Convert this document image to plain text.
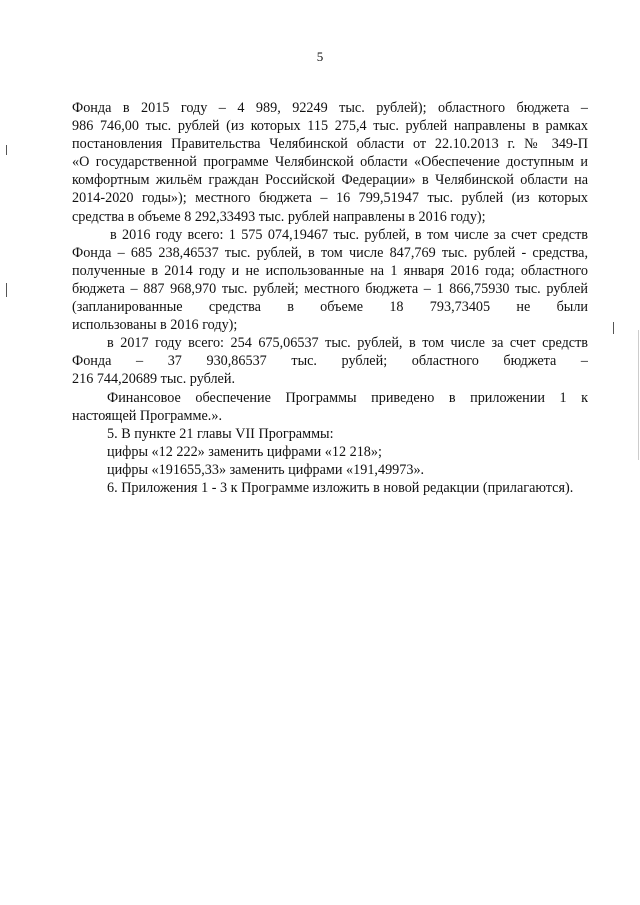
5
Фонда в 2015 году – 4 989, 92249 тыс. рублей); областного бюджета –
986 746,00 тыс. рублей (из которых 115 275,4 тыс. рублей направлены в рамках
постановления Правительства Челябинской области от 22.10.2013 г. № 349-П
«О государственной программе Челябинской области «Обеспечение доступным и
комфортным жильём граждан Российской Федерации» в Челябинской области на
2014-2020 годы»); местного бюджета – 16 799,51947 тыс. рублей (из которых
средства в объеме 8 292,33493 тыс. рублей направлены в 2016 году);
в 2016 году всего: 1 575 074,19467 тыс. рублей, в том числе за счет средств
Фонда – 685 238,46537 тыс. рублей, в том числе 847,769 тыс. рублей - средства,
полученные в 2014 году и не использованные на 1 января 2016 года; областного
бюджета – 887 968,970 тыс. рублей; местного бюджета – 1 866,75930 тыс. рублей
(запланированные средства в объеме 18 793,73405 не были
использованы в 2016 году);
в 2017 году всего: 254 675,06537 тыс. рублей, в том числе за счет средств
Фонда – 37 930,86537 тыс. рублей; областного бюджета –
216 744,20689 тыс. рублей.
Финансовое обеспечение Программы приведено в приложении 1 к
настоящей Программе.».
5. В пункте 21 главы VII Программы:
цифры «12 222» заменить цифрами «12 218»;
цифры «191655,33» заменить цифрами «191,49973».
6. Приложения 1 - 3 к Программе изложить в новой редакции (прилагаются).
